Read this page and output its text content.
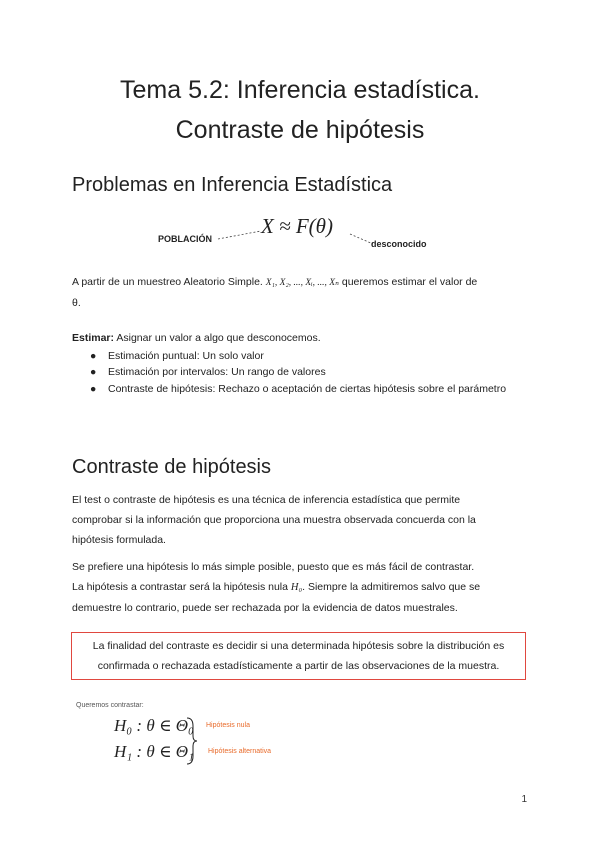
Tema 5.2: Inferencia estadística.
Contraste de hipótesis
Problemas en Inferencia Estadística
POBLACIÓN
X ≈ F(θ)
desconocido
A partir de un muestreo Aleatorio Simple. X₁, X₂, ..., Xᵢ, ..., Xₙ queremos estimar el valor de
θ.
Estimar: Asignar un valor a algo que desconocemos.
● Estimación puntual: Un solo valor
● Estimación por intervalos: Un rango de valores
● Contraste de hipótesis: Rechazo o aceptación de ciertas hipótesis sobre el parámetro
Contraste de hipótesis
El test o contraste de hipótesis es una técnica de inferencia estadística que permite
comprobar si la información que proporciona una muestra observada concuerda con la
hipótesis formulada.
Se prefiere una hipótesis lo más simple posible, puesto que es más fácil de contrastar.
La hipótesis a contrastar será la hipótesis nula H₀. Siempre la admitiremos salvo que se
demuestre lo contrario, puede ser rechazada por la evidencia de datos muestrales.
La finalidad del contraste es decidir si una determinada hipótesis sobre la distribución es
confirmada o rechazada estadísticamente a partir de las observaciones de la muestra.
Queremos contrastar:
H₀ : θ ∈ Θ₀
H₁ : θ ∈ Θ₁
Hipótesis nula
Hipótesis alternativa
1
